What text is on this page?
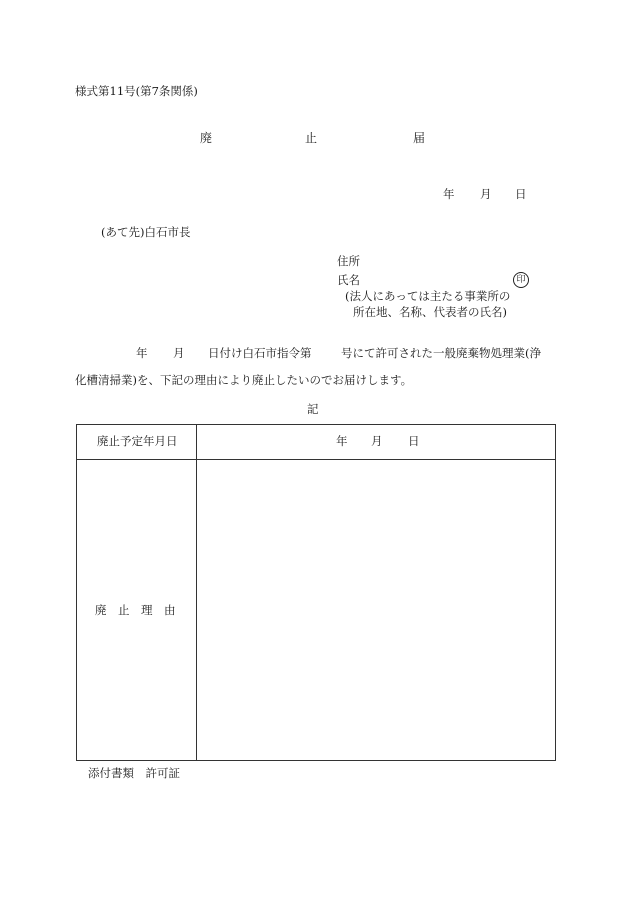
様式第11号(第7条関係)
廃	止	届
年 月 日
(あて先)白石市長
住所
氏名	印
(法人にあっては主たる事業所の
所在地、名称、代表者の氏名)
年 月 日付け白石市指令第	号にて許可された一般廃棄物処理業(浄
化槽清掃業)を、下記の理由により廃止したいのでお届けします。
記
廃止予定年月日	年 月 日
廃　止　理　由
添付書類　許可証
